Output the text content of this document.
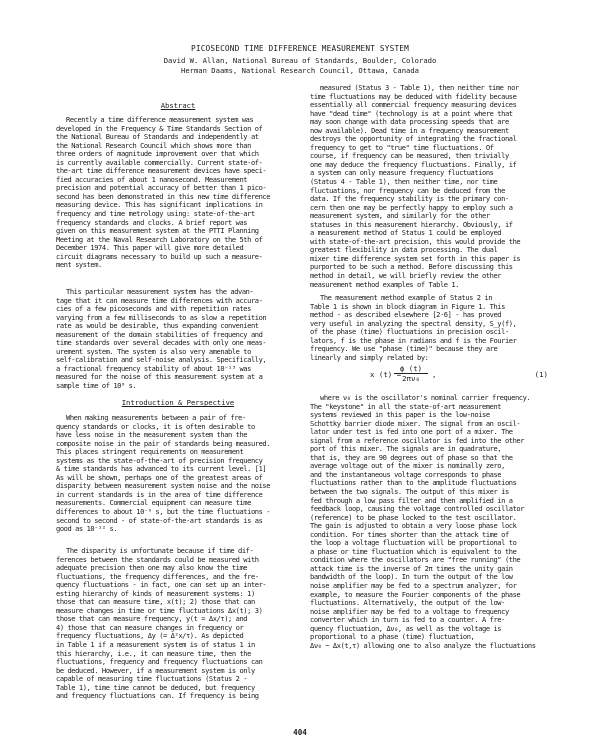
PICOSECOND TIME DIFFERENCE MEASUREMENT SYSTEM
David W. Allan, National Bureau of Standards, Boulder, Colorado
Herman Daams, National Research Council, Ottawa, Canada
Abstract
Recently a time difference measurement system was
developed in the Frequency & Time Standards Section of
the National Bureau of Standards and independently at
the National Research Council which shows more than
three orders of magnitude improvement over that which
is currently available commercially. Current state-of-
the-art time difference measurement devices have speci-
fied accuracies of about 1 nanosecond. Measurement
precision and potential accuracy of better than 1 pico-
second has been demonstrated in this new time difference
measuring device. This has significant implications in
frequency and time metrology using: state-of-the-art
frequency standards and clocks. A brief report was
given on this measurement system at the PTTI Planning
Meeting at the Naval Research Laboratory on the 5th of
December 1974. This paper will give more detailed
circuit diagrams necessary to build up such a measure-
ment system.
This particular measurement system has the advan-
tage that it can measure time differences with accura-
cies of a few picoseconds and with repetition rates
varying from a few milliseconds to as slow a repetition
rate as would be desirable, thus expanding convenient
measurement of the domain stabilities of frequency and
time standards over several decades with only one meas-
urement system. The system is also very amenable to
self-calibration and self-noise analysis. Specifically,
a fractional frequency stability of about 10⁻¹³ was
measured for the noise of this measurement system at a
sample time of 10⁰ s.
Introduction & Perspective
When making measurements between a pair of fre-
quency standards or clocks, it is often desirable to
have less noise in the measurement system than the
composite noise in the pair of standards being measured.
This places stringent requirements on measurement
systems as the state-of-the-art of precision frequency
& time standards has advanced to its current level. [1]
As will be shown, perhaps one of the greatest areas of
disparity between measurement system noise and the noise
in current standards is in the area of time difference
measurements. Commercial equipment can measure time
differences to about 10⁻⁹ s, but the time fluctuations -
second to second - of state-of-the-art standards is as
good as 10⁻¹² s.
The disparity is unfortunate because if time dif-
ferences between the standards could be measured with
adequate precision then one may also know the time
fluctuations, the frequency differences, and the fre-
quency fluctuations - in fact, one can set up an inter-
esting hierarchy of kinds of measurement systems: 1)
those that can measure time, x(t); 2) those that can
measure changes in time or time fluctuations Δx(t); 3)
those that can measure frequency, y(t = Δx/τ); and
4) those that can measure changes in frequency or
frequency fluctuations, Δy (= Δ²x/τ). As depicted
in Table 1 if a measurement system is of status 1 in
this hierarchy, i.e., it can measure time, then the
fluctuations, frequency and frequency fluctuations can
be deduced. However, if a measurement system is only
capable of measuring time fluctuations (Status 2 -
Table 1), time time cannot be deduced, but frequency
and frequency fluctuations can. If frequency is being
measured (Status 3 - Table 1), then neither time nor
time fluctuations may be deduced with fidelity because
essentially all commercial frequency measuring devices
have "dead time" (technology is at a point where that
may soon change with data processing speeds that are
now available). Dead time in a frequency measurement
destroys the opportunity of integrating the fractional
frequency to get to "true" time fluctuations. Of
course, if frequency can be measured, then trivially
one may deduce the frequency fluctuations. Finally, if
a system can only measure frequency fluctuations
(Status 4 - Table 1), then neither time, nor time
fluctuations, nor frequency can be deduced from the
data. If the frequency stability is the primary con-
cern then one may be perfectly happy to employ such a
measurement system, and similarly for the other
statuses in this measurement hierarchy. Obviously, if
a measurement method of Status 1 could be employed
with state-of-the-art precision, this would provide the
greatest flexibility in data processing. The dual
mixer time difference system set forth in this paper is
purported to be such a method. Before discussing this
method in detail, we will briefly review the other
measurement method examples of Table 1.
The measurement method example of Status 2 in
Table 1 is shown in block diagram in Figure 1. This
method - as described elsewhere [2-6] - has proved
very useful in analyzing the spectral density, S_y(f),
of the phase (time) fluctuations in precision oscil-
lators, f is the phase in radians and f is the Fourier
frequency. We use "phase (time)" because they are
linearly and simply related by:
x (t) =
$\frac{\phi (t)}{\text{2πν₀}}$ ,	(1)
where ν₀ is the oscillator's nominal carrier frequency.
The "keystone" in all the state-of-art measurement
systems reviewed in this paper is the low-noise
Schottky barrier diode mixer. The signal from an oscil-
lator under test is fed into one port of a mixer. The
signal from a reference oscillator is fed into the other
port of this mixer. The signals are in quadrature,
that is, they are 90 degrees out of phase so that the
average voltage out of the mixer is nominally zero,
and the instantaneous voltage corresponds to phase
fluctuations rather than to the amplitude fluctuations
between the two signals. The output of this mixer is
fed through a low pass filter and then amplified in a
feedback loop, causing the voltage controlled oscillator
(reference) to be phase locked to the test oscillator.
The gain is adjusted to obtain a very loose phase lock
condition. For times shorter than the attack time of
the loop a voltage fluctuation will be proportional to
a phase or time fluctuation which is equivalent to the
condition where the oscillators are "free running" (the
attack time is the inverse of 2π times the unity gain
bandwidth of the loop). In turn the output of the low
noise amplifier may be fed to a spectrum analyzer, for
example, to measure the Fourier components of the phase
fluctuations. Alternatively, the output of the low-
noise amplifier may be fed to a voltage to frequency
converter which in turn is fed to a counter. A fre-
quency fluctuation, Δν₀, as well as the voltage is
proportional to a phase (time) fluctuation,
Δν₀ ~ Δx(t,τ) allowing one to also analyze the fluctuations
404
